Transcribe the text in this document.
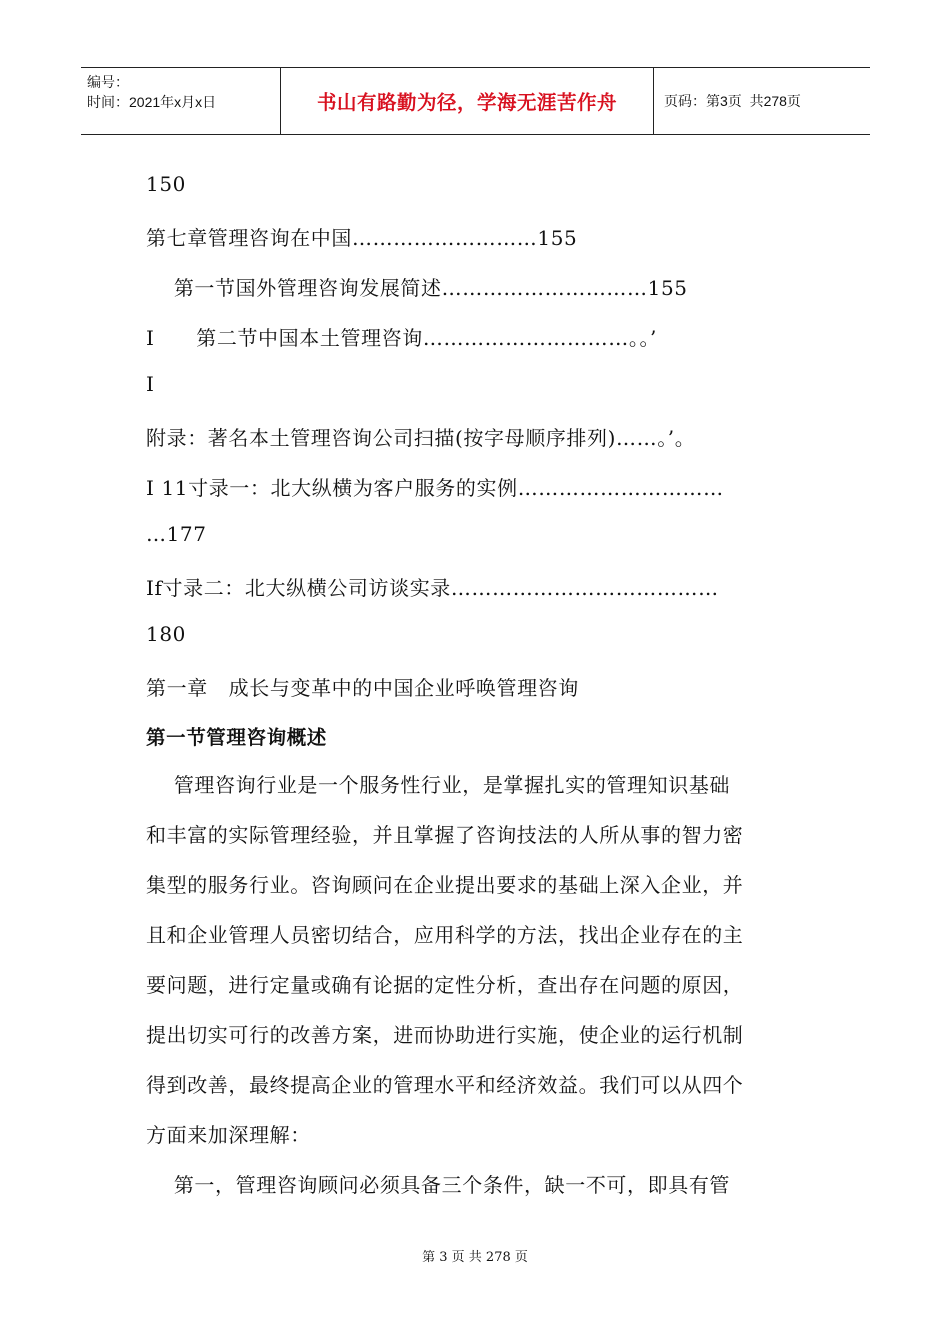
编号：
时间：2021年x月x日	书山有路勤为径，学海无涯苦作舟	页码：第3页  共278页
150
第七章管理咨询在中国………………………155
第一节国外管理咨询发展简述…………………………155
I      第二节中国本土管理咨询…………………………。。’
I
附录：著名本土管理咨询公司扫描(按字母顺序排列)……。’。
I 11寸录一：北大纵横为客户服务的实例…………………………
…177
If寸录二：北大纵横公司访谈实录…………………………………
180
第一章   成长与变革中的中国企业呼唤管理咨询
第一节管理咨询概述
管理咨询行业是一个服务性行业，是掌握扎实的管理知识基础
和丰富的实际管理经验，并且掌握了咨询技法的人所从事的智力密
集型的服务行业。咨询顾问在企业提出要求的基础上深入企业，并
且和企业管理人员密切结合，应用科学的方法，找出企业存在的主
要问题，进行定量或确有论据的定性分析，查出存在问题的原因，
提出切实可行的改善方案，进而协助进行实施，使企业的运行机制
得到改善，最终提高企业的管理水平和经济效益。我们可以从四个
方面来加深理解：
第一，管理咨询顾问必须具备三个条件，缺一不可，即具有管
第 3 页 共 278 页
